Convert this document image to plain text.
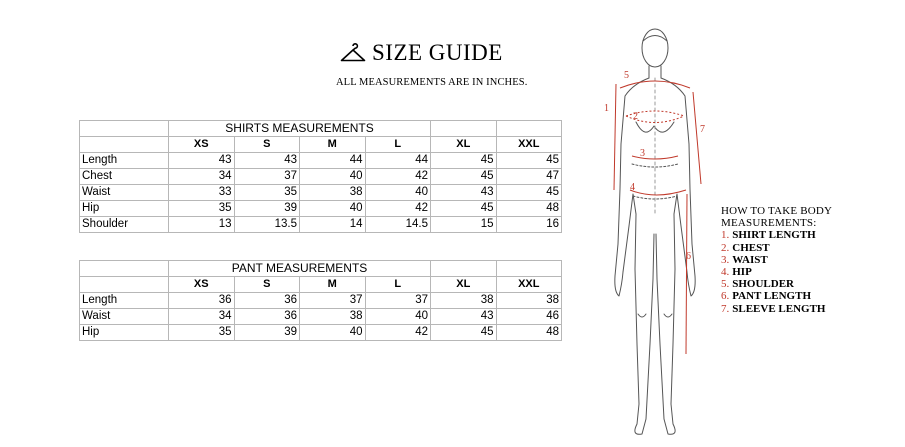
SIZE GUIDE
ALL MEASUREMENTS ARE IN INCHES.
	SHIRTS MEASUREMENTS					
	XS	S	M	L	XL	XXL
Length	43	43	44	44	45	45
Chest	34	37	40	42	45	47
Waist	33	35	38	40	43	45
Hip	35	39	40	42	45	48
Shoulder	13	13.5	14	14.5	15	16
	PANT MEASUREMENTS					
	XS	S	M	L	XL	XXL
Length	36	36	37	37	38	38
Waist	34	36	38	40	43	46
Hip	35	39	40	42	45	48
1
2
3
4
5
6
7
HOW TO TAKE BODY MEASUREMENTS:
1. SHIRT LENGTH
2. CHEST
3. WAIST
4. HIP
5. SHOULDER
6. PANT LENGTH
7. SLEEVE LENGTH
